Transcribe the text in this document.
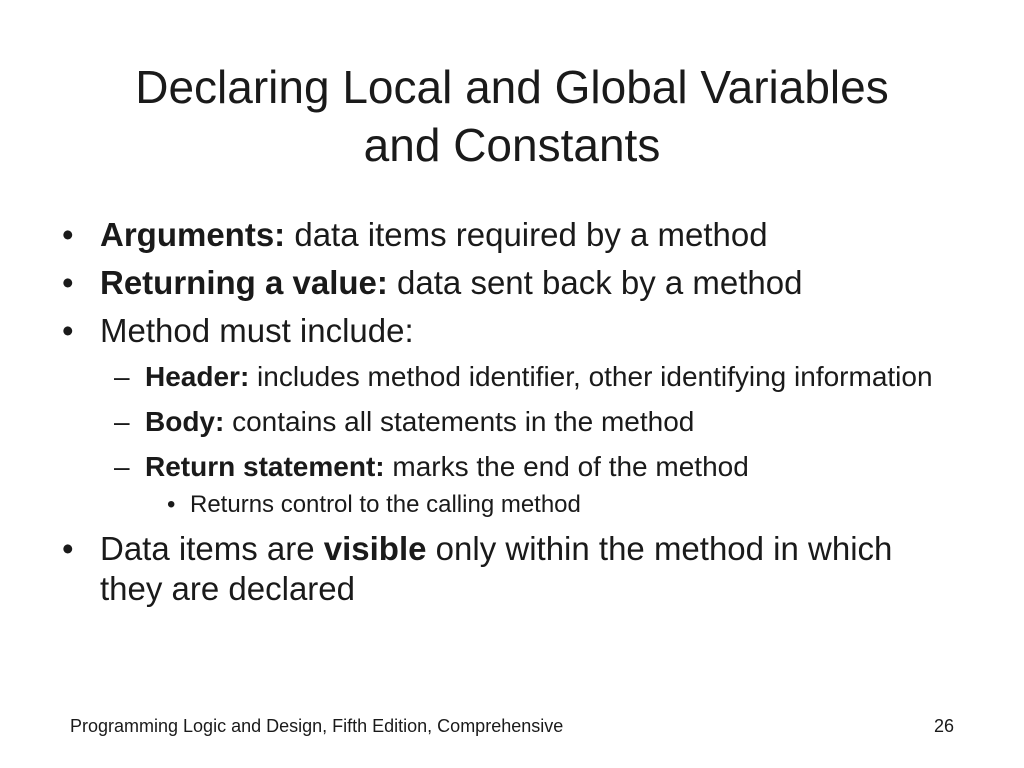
Declaring Local and Global Variables
and Constants

• Arguments: data items required by a method

• Returning a value: data sent back by a method

• Method must include:

– Header: includes method identifier, other identifying information

– Body: contains all statements in the method

– Return statement: marks the end of the method

• Returns control to the calling method

• Data items are visible only within the method in which they are declared

Programming Logic and Design, Fifth Edition, Comprehensive	26
